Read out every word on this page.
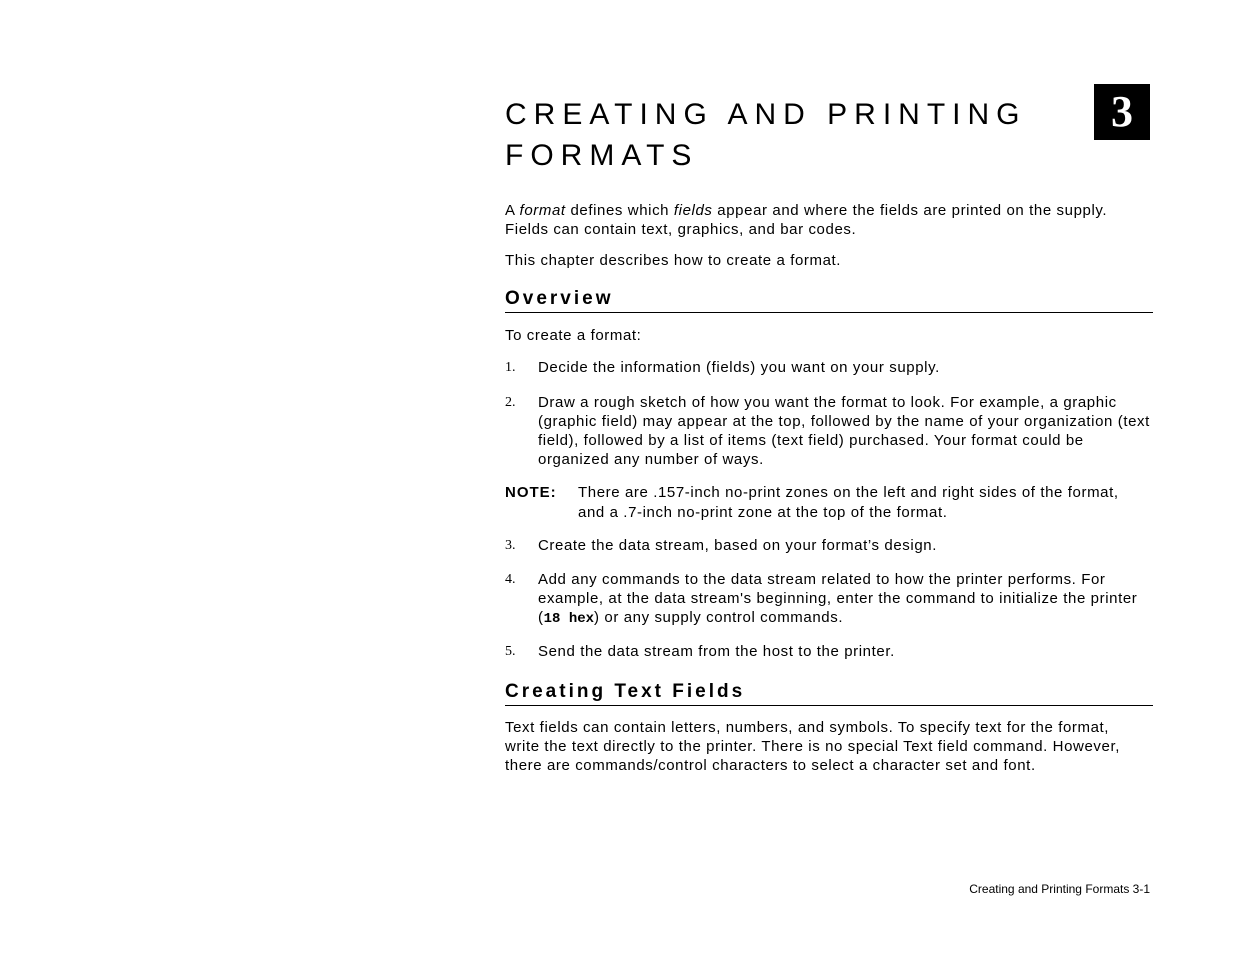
3
CREATING AND PRINTING FORMATS

A format defines which fields appear and where the fields are printed on the supply. Fields can contain text, graphics, and bar codes.

This chapter describes how to create a format.

Overview

To create a format:

1. Decide the information (fields) you want on your supply.
2. Draw a rough sketch of how you want the format to look. For example, a graphic (graphic field) may appear at the top, followed by the name of your organization (text field), followed by a list of items (text field) purchased. Your format could be organized any number of ways.
NOTE: There are .157-inch no-print zones on the left and right sides of the format, and a .7-inch no-print zone at the top of the format.
3. Create the data stream, based on your format’s design.
4. Add any commands to the data stream related to how the printer performs. For example, at the data stream's beginning, enter the command to initialize the printer (18 hex) or any supply control commands.
5. Send the data stream from the host to the printer.
Creating Text Fields

Text fields can contain letters, numbers, and symbols. To specify text for the format, write the text directly to the printer. There is no special Text field command. However, there are commands/control characters to select a character set and font.

Creating and Printing Formats 3-1
